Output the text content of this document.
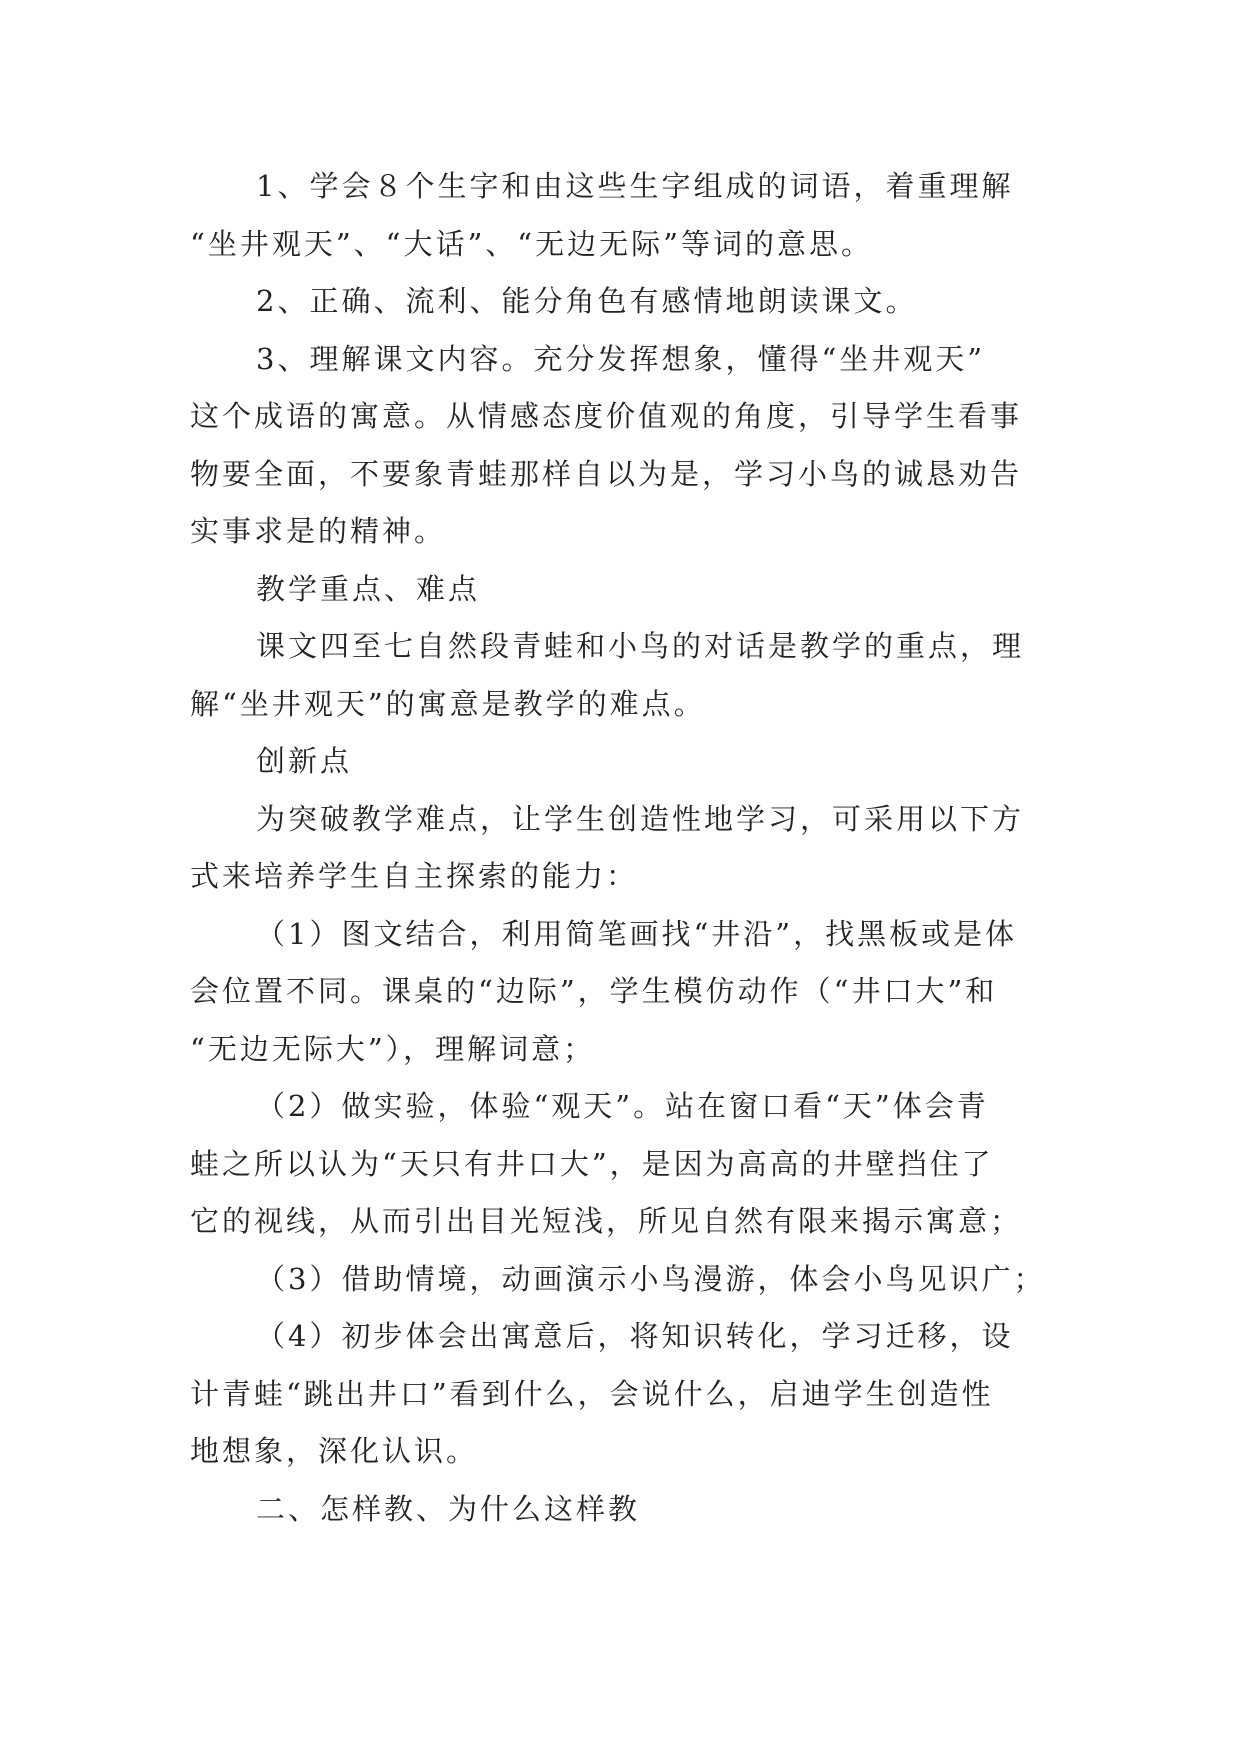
1、学会８个生字和由这些生字组成的词语，着重理解
“坐井观天”、“大话”、“无边无际”等词的意思。
2、正确、流利、能分角色有感情地朗读课文。
3、理解课文内容。充分发挥想象，懂得“坐井观天”
这个成语的寓意。从情感态度价值观的角度，引导学生看事
物要全面，不要象青蛙那样自以为是，学习小鸟的诚恳劝告
实事求是的精神。
教学重点、难点
课文四至七自然段青蛙和小鸟的对话是教学的重点，理
解“坐井观天”的寓意是教学的难点。
创新点
为突破教学难点，让学生创造性地学习，可采用以下方
式来培养学生自主探索的能力：
（1）图文结合，利用简笔画找“井沿”，找黑板或是体
会位置不同。课桌的“边际”，学生模仿动作（“井口大”和
“无边无际大”），理解词意；
（2）做实验，体验“观天”。站在窗口看“天”体会青
蛙之所以认为“天只有井口大”，是因为高高的井壁挡住了
它的视线，从而引出目光短浅，所见自然有限来揭示寓意；
（3）借助情境，动画演示小鸟漫游，体会小鸟见识广；
（4）初步体会出寓意后，将知识转化，学习迁移，设
计青蛙“跳出井口”看到什么，会说什么，启迪学生创造性
地想象，深化认识。
二、怎样教、为什么这样教
